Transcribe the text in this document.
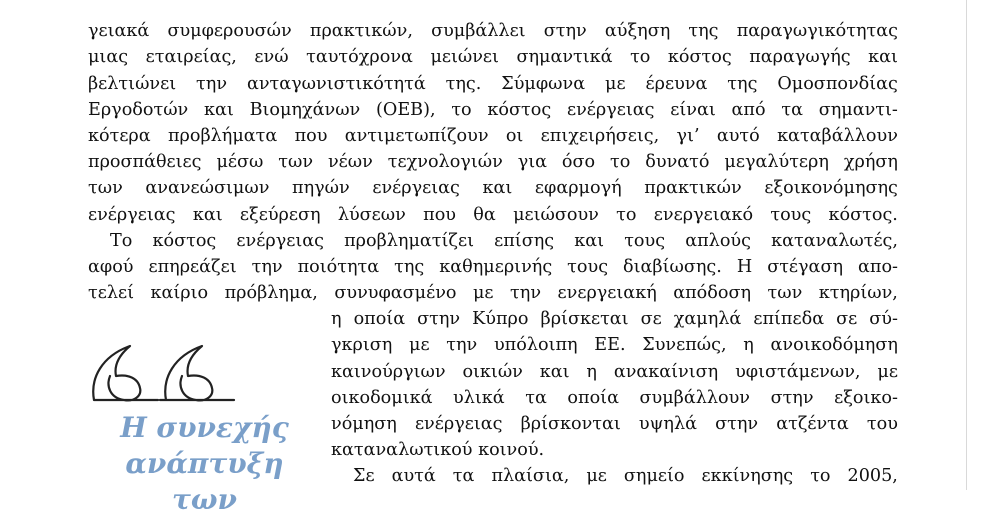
γειακά συμφερουσών πρακτικών, συμβάλλει στην αύξηση της παραγωγικότητας
μιας εταιρείας, ενώ ταυτόχρονα μειώνει σημαντικά το κόστος παραγωγής και
βελτιώνει την ανταγωνιστικότητά της. Σύμφωνα με έρευνα της Ομοσπονδίας
Εργοδοτών και Βιομηχάνων (ΟΕΒ), το κόστος ενέργειας είναι από τα σημαντι-
κότερα προβλήματα που αντιμετωπίζουν οι επιχειρήσεις, γι’ αυτό καταβάλλουν
προσπάθειες μέσω των νέων τεχνολογιών για όσο το δυνατό μεγαλύτερη χρήση
των ανανεώσιμων πηγών ενέργειας και εφαρμογή πρακτικών εξοικονόμησης
ενέργειας και εξεύρεση λύσεων που θα μειώσουν το ενεργειακό τους κόστος.
Το κόστος ενέργειας προβληματίζει επίσης και τους απλούς καταναλωτές,
αφού επηρεάζει την ποιότητα της καθημερινής τους διαβίωσης. Η στέγαση απο-
τελεί καίριο πρόβλημα, συνυφασμένο με την ενεργειακή απόδοση των κτηρίων,
η οποία στην Κύπρο βρίσκεται σε χαμηλά επίπεδα σε σύ-
γκριση με την υπόλοιπη ΕΕ. Συνεπώς, η ανοικοδόμηση
καινούργιων οικιών και η ανακαίνιση υφιστάμενων, με
οικοδομικά υλικά τα οποία συμβάλλουν στην εξοικο-
νόμηση ενέργειας βρίσκονται υψηλά στην ατζέντα του
καταναλωτικού κοινού.
Σε αυτά τα πλαίσια, με σημείο εκκίνησης το 2005,
Η συνεχής
ανάπτυξη των
